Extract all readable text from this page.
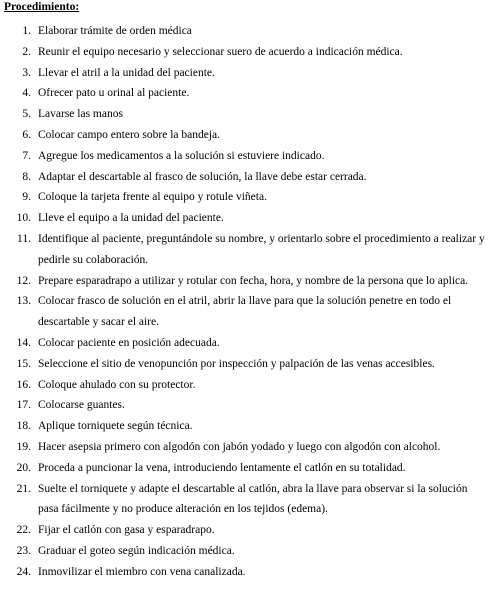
Procedimiento:
1. Elaborar trámite de orden médica
2. Reunir el equipo necesario y seleccionar suero de acuerdo a indicación médica.
3. Llevar el atril a la unidad del paciente.
4. Ofrecer pato u orinal al paciente.
5. Lavarse las manos
6. Colocar campo entero sobre la bandeja.
7. Agregue los medicamentos a la solución si estuviere indicado.
8. Adaptar el descartable al frasco de solución, la llave debe estar cerrada.
9. Coloque la tarjeta frente al equipo y rotule viñeta.
10. Lleve el equipo a la unidad del paciente.
11. Identifique al paciente, preguntándole su nombre, y orientarlo sobre el procedimiento a realizar y pedirle su colaboración.
12. Prepare esparadrapo a utilizar y rotular con fecha, hora, y nombre de la persona que lo aplica.
13. Colocar frasco de solución en el atril, abrir la llave para que la solución penetre en todo el descartable y sacar el aire.
14. Colocar paciente en posición adecuada.
15. Seleccione el sitio de venopunción por inspección y palpación de las venas accesibles.
16. Coloque ahulado con su protector.
17. Colocarse guantes.
18. Aplique torniquete según técnica.
19. Hacer asepsia primero con algodón con jabón yodado y luego con algodón con alcohol.
20. Proceda a puncionar la vena, introduciendo lentamente el catlón en su totalidad.
21. Suelte el torniquete y adapte el descartable al catlón, abra la llave para observar si la solución pasa fácilmente y no produce alteración en los tejidos (edema).
22. Fijar el catlón con gasa y esparadrapo.
23. Graduar el goteo según indicación médica.
24. Inmovilizar el miembro con vena canalizada.
